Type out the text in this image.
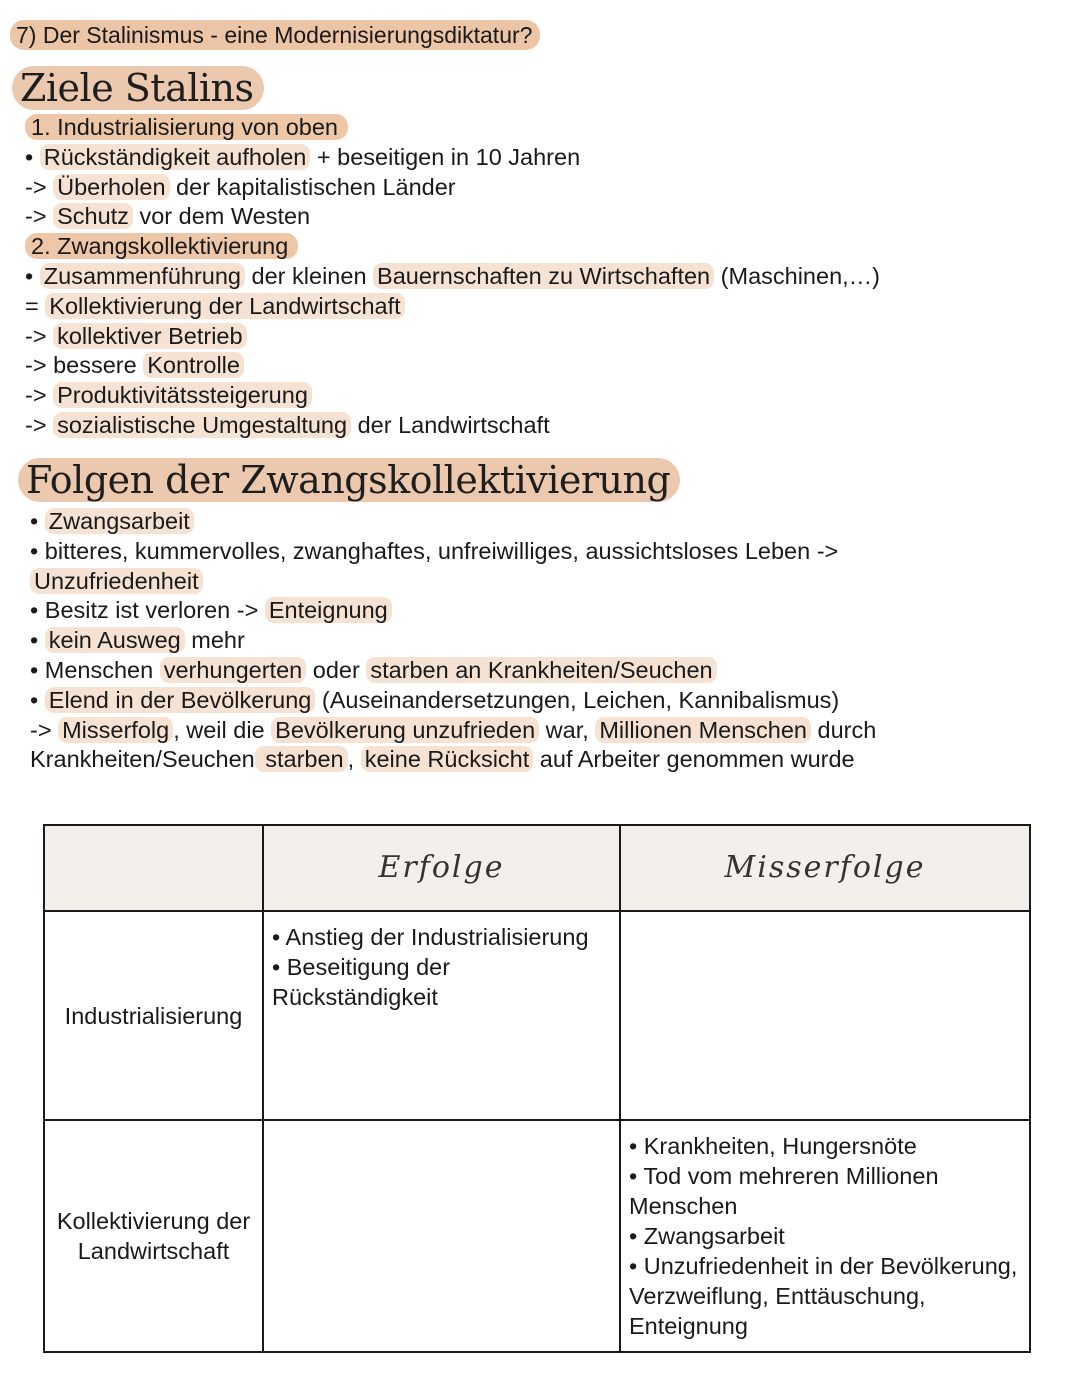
7) Der Stalinismus - eine Modernisierungsdiktatur?
Ziele Stalins
1. Industrialisierung von oben
• Rückständigkeit aufholen + beseitigen in 10 Jahren
-> Überholen der kapitalistischen Länder
-> Schutz vor dem Westen
2. Zwangskollektivierung
• Zusammenführung der kleinen Bauernschaften zu Wirtschaften (Maschinen,…)
= Kollektivierung der Landwirtschaft
-> kollektiver Betrieb
-> bessere Kontrolle
-> Produktivitätssteigerung
-> sozialistische Umgestaltung der Landwirtschaft
Folgen der Zwangskollektivierung
• Zwangsarbeit
• bitteres, kummervolles, zwanghaftes, unfreiwilliges, aussichtsloses Leben ->
Unzufriedenheit
• Besitz ist verloren -> Enteignung
• kein Ausweg mehr
• Menschen verhungerten oder starben an Krankheiten/Seuchen
• Elend in der Bevölkerung (Auseinandersetzungen, Leichen, Kannibalismus)
-> Misserfolg , weil die Bevölkerung unzufrieden war, Millionen Menschen durch
Krankheiten/Seuchen starben , keine Rücksicht auf Arbeiter genommen wurde
	Erfolge	Misserfolge
Industrialisierung	• Anstieg der Industrialisierung
• Beseitigung der Rückständigkeit	

Kollektivierung der Landwirtschaft		• Krankheiten, Hungersnöte
• Tod vom mehreren Millionen Menschen
• Zwangsarbeit
• Unzufriedenheit in der Bevölkerung, Verzweiflung, Enttäuschung, Enteignung
